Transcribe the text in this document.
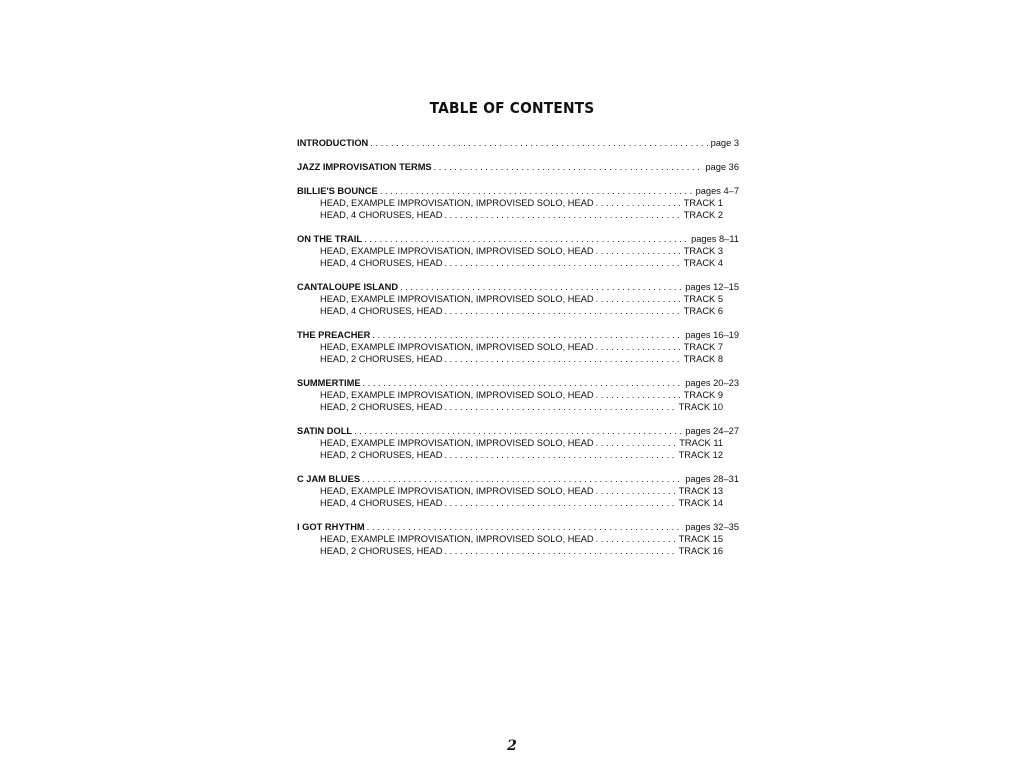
TABLE OF CONTENTS
INTRODUCTION . . .	page 3
JAZZ IMPROVISATION TERMS . . .	page 36
BILLIE'S BOUNCE . . .	pages 4–7
HEAD, EXAMPLE IMPROVISATION, IMPROVISED SOLO, HEAD . . .	TRACK 1
HEAD, 4 CHORUSES, HEAD . . .	TRACK 2
ON THE TRAIL . . .	pages 8–11
HEAD, EXAMPLE IMPROVISATION, IMPROVISED SOLO, HEAD . . .	TRACK 3
HEAD, 4 CHORUSES, HEAD . . .	TRACK 4
CANTALOUPE ISLAND . . .	pages 12–15
HEAD, EXAMPLE IMPROVISATION, IMPROVISED SOLO, HEAD . . .	TRACK 5
HEAD, 4 CHORUSES, HEAD . . .	TRACK 6
THE PREACHER . . .	pages 16–19
HEAD, EXAMPLE IMPROVISATION, IMPROVISED SOLO, HEAD . . .	TRACK 7
HEAD, 2 CHORUSES, HEAD . . .	TRACK 8
SUMMERTIME . . .	pages 20–23
HEAD, EXAMPLE IMPROVISATION, IMPROVISED SOLO, HEAD . . .	TRACK 9
HEAD, 2 CHORUSES, HEAD . . .	TRACK 10
SATIN DOLL . . .	pages 24–27
HEAD, EXAMPLE IMPROVISATION, IMPROVISED SOLO, HEAD . . .	TRACK 11
HEAD, 2 CHORUSES, HEAD . . .	TRACK 12
C JAM BLUES . . .	pages 28–31
HEAD, EXAMPLE IMPROVISATION, IMPROVISED SOLO, HEAD . . .	TRACK 13
HEAD, 4 CHORUSES, HEAD . . .	TRACK 14
I GOT RHYTHM . . .	pages 32–35
HEAD, EXAMPLE IMPROVISATION, IMPROVISED SOLO, HEAD . . .	TRACK 15
HEAD, 2 CHORUSES, HEAD . . .	TRACK 16
2
